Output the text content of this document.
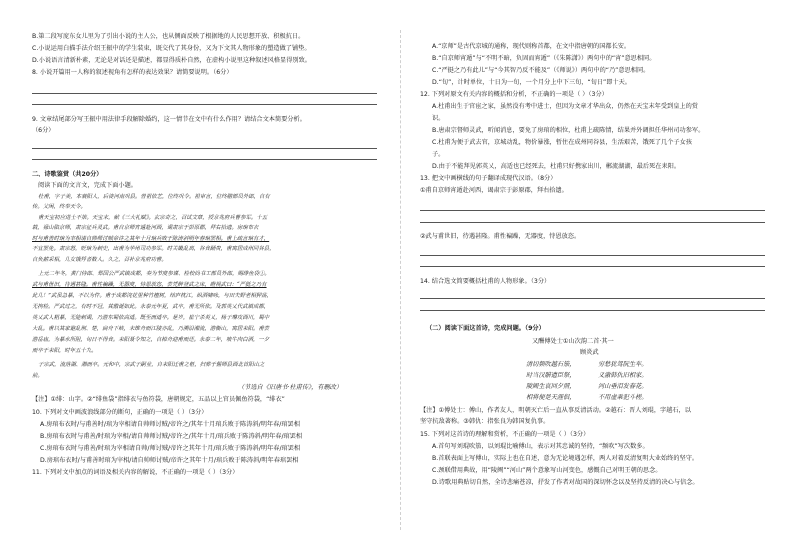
B.第二段写庞东女儿里为了引出小说的主人公，也从侧面反映了根据地的人民思想开放、积极抗日。
C.小说运用白描手法介绍王振中的学生装束，既交代了其身份，又为下文其人物形象的塑造做了铺垫。
D.小说语言清新朴素，无论是对话还是描述，都显得质朴自然，在虚构小说里这种叙述风格显得别致。
8. 小说开篇用一人称的叙述视角有怎样的表达效果？请简要说明。（6分）
9. 文章结尾部分写王振中用法律手段解除婚约，这一情节在文中有什么作用？请结合文本简要分析。
（6分）
二、诗歌鉴赏（共20分）
阅读下面的文言文，完成下面小题。
杜甫，字子美，本襄阳人，后徙河南巩县。曾祖依艺，位终巩令。祖审言，位终膳部员外郎，自有
传。父闲，终奉天令。
甫天宝初应进士不第。天宝末，献《三大礼赋》。玄宗奇之，召试文章，授京兆府兵曹参军。十五
载，禄山陷京师，肃宗征兵灵武。甫自京师宵遁赴河西，谒肃宗于彭原郡，拜右拾遗。房琯布衣
时与甫善时琯为宰相请自帅师讨贼帝许之其年十月琯兵败于陈涛斜明年春琯罢相。甫上疏言琯有才，
不宜罢免。肃宗怒，贬琯为刺史，出甫为华州司功参军。时关畿乱离，谷食踊贵，甫寓居成州同谷县，
自负薪采梠，儿女饿殍者数人。久之，召补京兆府功曹。
上元二年冬，黄门侍郎、郑国公严武镇成都，奏为节度参谋、检校尚书工部员外郎，赐绯鱼袋①。
武与甫世旧，待遇甚隆。甫性褊躁，无器度，恃恩放恣，尝凭醉登武之床，瞪视武曰：“严挺之乃有
此儿！”武虽急暴，不以为忤。甫于成都浣花里种竹植树，结庐枕江，纵酒啸咏，与田夫野老相狎荡，
无拘检。严武过之，有时不冠，其傲诞如此。永泰元年夏，武卒，甫无所依。及郭英乂代武镇成都，
英乂武人粗暴，无能刺谒，乃游东蜀依高适。既至而适卒。是岁，崔宁杀英乂，杨子琳攻西川，蜀中
大乱。甫以其家避乱荆、楚，扁舟下峡，未维舟而江陵亦乱，乃溯沿湘流，游衡山，寓居耒阳。甫尝
游岳庙，为暴水所阻，旬日不得食。耒阳聂令知之，自棹舟迎甫而还。永泰二年，啖牛肉白酒，一夕
而卒于耒阳，时年五十九。
子宗武，流落湖、湘而卒。元和中，宗武子嗣业，自耒阳迁甫之柩，归葬于偃师县西北首阳山之
前。
（节选自《旧唐书·杜甫传》，有删改）
【注】①绯：山字。②“绯鱼袋”指绯衣与鱼符袋，唐朝规定，五品以上官员佩鱼符袋，“绯衣”
10. 下列对文中画波浪线部分的断句，正确的一项是（ ）（3分）
A.房琯布衣时/与甫善时/琯为宰相请自帅师讨贼/帝许之/其年十月琯兵败于陈涛斜/明年春/琯罢相
B.房琯布衣时与甫善/时琯为宰相/请自帅师讨贼/帝许之/其年十月/琯兵败于陈涛斜/明年春/琯罢相
C.房琯布衣时与甫善/时琯为宰相请自帅/师讨贼/帝许之其年十月/琯兵败于陈涛斜/明年春/琯罢相
D.房琯布衣时/与甫善时琯为宰相/请自帅师讨贼/帝许之其年十月/琯兵败于陈涛斜/明年春琯罢相
11. 下列对文中加点的词语及相关内容的解说，不正确的一项是（ ）（3分）
A.“京师”是古代京城的通称，现代则称首都，在文中指唐朝的国都长安。
B.“自京师宵遁”与“不明不暗，负固而宵遁”（《朱陈潇》）两句中的“宵”意思相同。
C.“严挺之乃有此儿”与“今其智乃反不能及”（《师说》）两句中的“乃”意思相同。
D.“旬”，计时单位，十日为一旬，一个月分上中下三旬，“旬日”即十天。
12. 下列对原文有关内容的概括和分析，不正确的一项是（ ）（3分）
A.杜甫出生于官宦之家，虽然没有考中进士，但因为文章才华出众，仍然在天宝末年受到皇上的赏
识。
B.唐肃宗督师灵武，听闻消息，要免了房琯的相位，杜甫上疏陈情，结果并外调担任华州司功参军。
C.杜甫为便于武去官，京城动乱，物价暴涨，暂住在成州同谷县，生活艰苦，饿死了几个子女孩
子。
D.由于不能拜见郭英乂，高适也已经死去，杜甫只好携家出川，郴流湖湖，最后死在耒阳。
13. 把文中画横线的句子翻译成现代汉语。（8分）
①甫自京师宵遁赴河西，谒肃宗于彭原郡，拜右拾遗。
②武与甫世旧，待遇甚隆。甫性褊躁，无器度，恃恩放恣。
14. 结合选文简要概括杜甫的人物形象。（3分）
（二）阅读下面这首诗，完成问题。（9分）
又酬傅处士①山次韵二首·其一
顾炎武
清切频吹越石笳，	穷愁犹驾阮生车。
时当汉腊遗臣祭，	义激韩仇旧相家。
陵阙生哀回夕照，	河山垂泪发春花。
相将便是天涯侣，	不用虚乘犯斗槎。
【注】①傅处士：傅山，作者友人，明朝灭亡后一直从事反清活动。②越石：晋人刘琨，字越石，以
坚守抗敌著称。③韩仇：指张良为韩国复仇事。
15. 下列对这首诗的理解和赏析，不正确的一项是（ ）（3分）
A.首句写刘琨吹笳，以刘琨比喻傅山，表示对其忠诚的坚持，“频吹”写次数多。
B.首联表面上写傅山，实际上也在自述，意为无论境遇怎样，两人对着反清复明大业始终的坚守。
C.颈联借用典故，用“陵阙”“河山”两个意象写山河变色，感慨自己对明王朝的思念。
D.诗歌用典贴切自然，全诗悲痛苍凉，抒发了作者对故国的深切怀念以及坚持反清的决心与信念。
